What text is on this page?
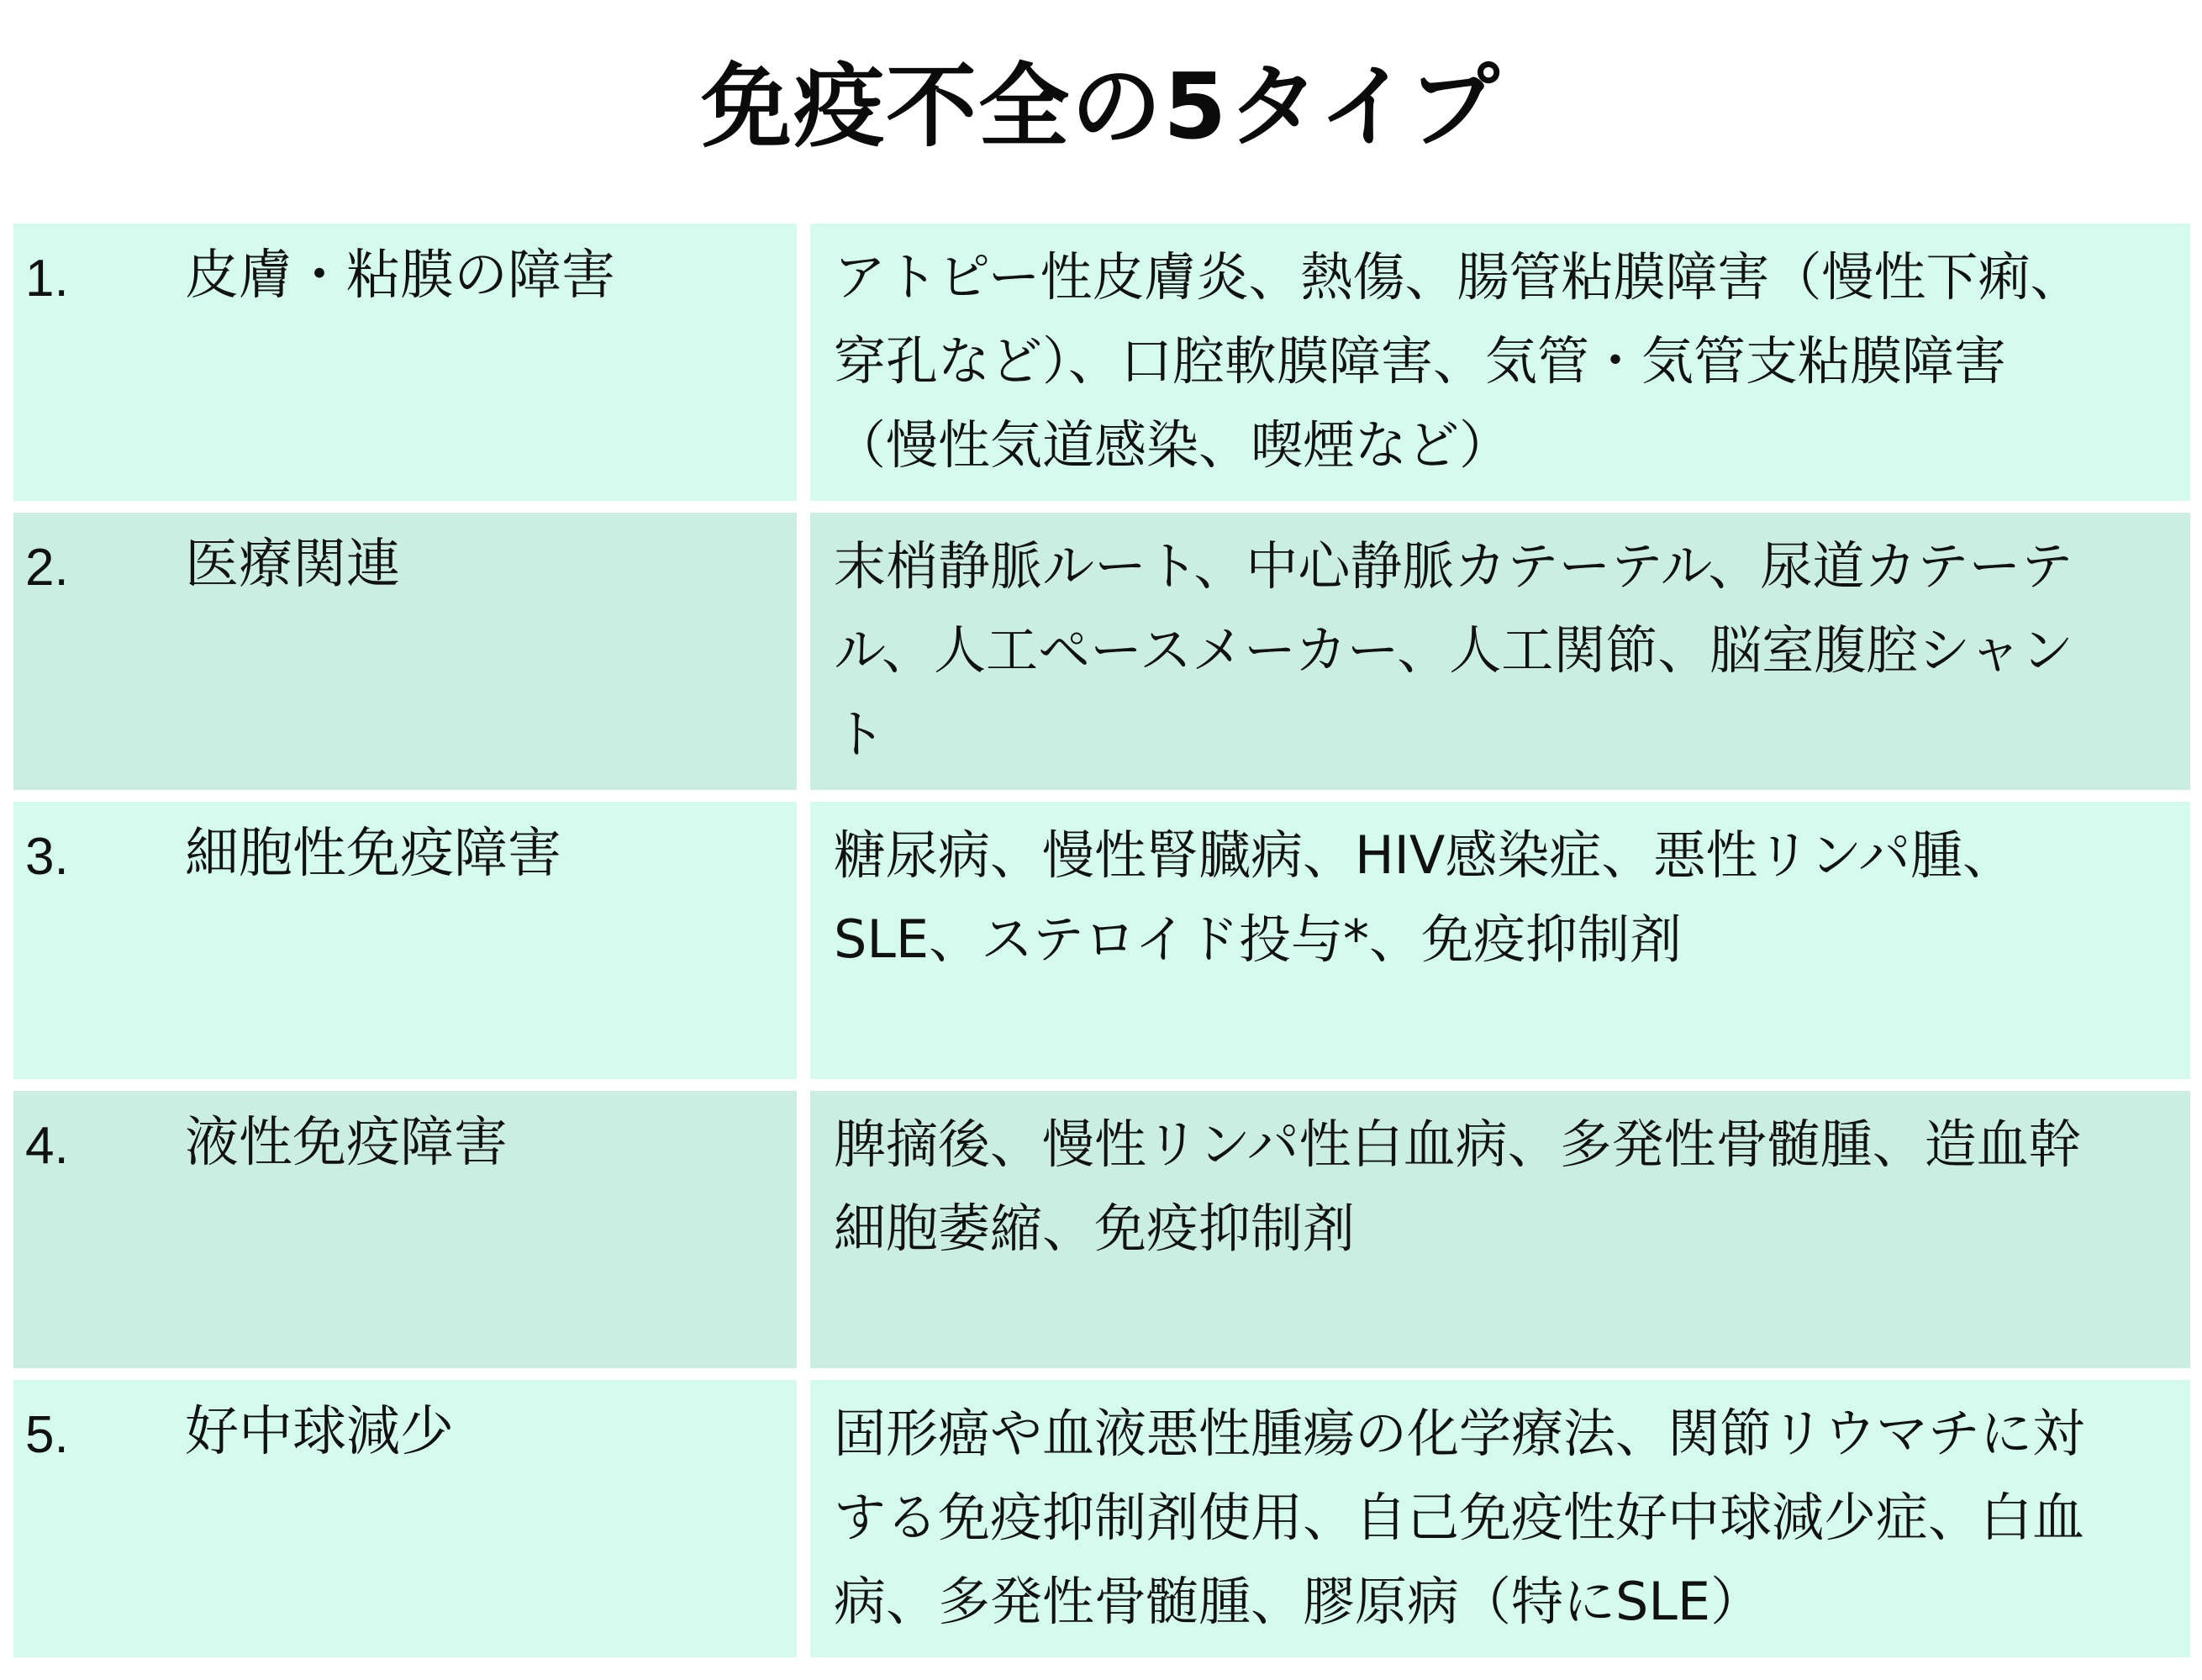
免疫不全の5タイプ
1. 皮膚・粘膜の障害	アトピー性皮膚炎、熱傷、腸管粘膜障害（慢性下痢、
穿孔など）、口腔軟膜障害、気管・気管支粘膜障害
（慢性気道感染、喫煙など）
2. 医療関連	末梢静脈ルート、中心静脈カテーテル、尿道カテーテ
ル、人工ペースメーカー、人工関節、脳室腹腔シャン
ト
3. 細胞性免疫障害	糖尿病、慢性腎臓病、HIV感染症、悪性リンパ腫、
SLE、ステロイド投与*、免疫抑制剤
4. 液性免疫障害	脾摘後、慢性リンパ性白血病、多発性骨髄腫、造血幹
細胞萎縮、免疫抑制剤
5. 好中球減少	固形癌や血液悪性腫瘍の化学療法、関節リウマチに対
する免疫抑制剤使用、自己免疫性好中球減少症、白血
病、多発性骨髄腫、膠原病（特にSLE）
